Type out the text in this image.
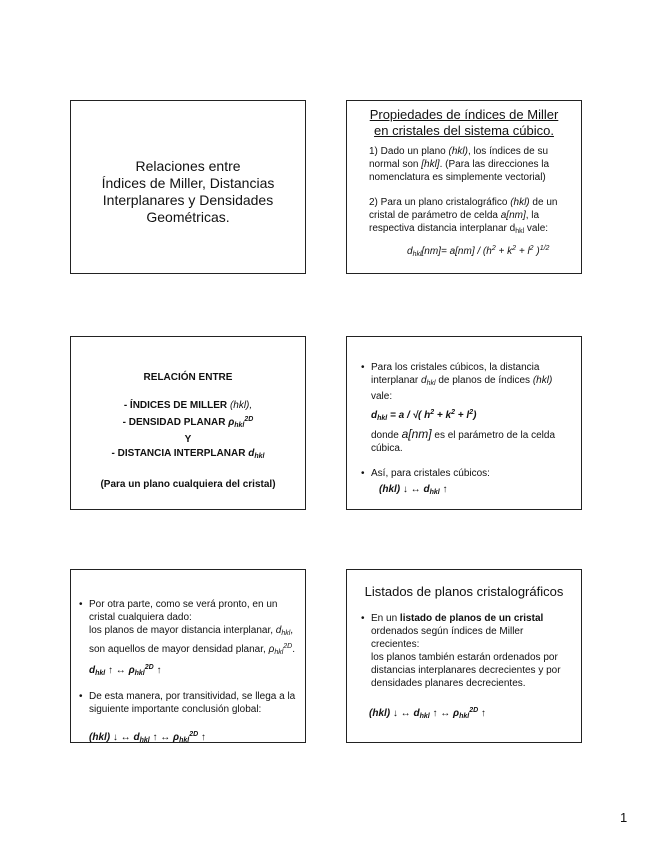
Relaciones entre
Índices de Miller, Distancias
Interplanares y Densidades
Geométricas.
Propiedades de índices de Miller
en cristales del sistema cúbico.

1) Dado un plano (hkl), los índices de su normal son [hkl]. (Para las direcciones la nomenclatura es simplemente vectorial)

2) Para un plano cristalográfico (hkl) de un cristal de parámetro de celda a[nm], la respectiva distancia interplanar $d_{hkl}$ vale:

$d_{hkl}[nm]= a[nm] / (h^2 + k^2 + l^2$ )$^{1/2}$
RELACIÓN ENTRE
- ÍNDICES DE MILLER (hkl),
- DENSIDAD PLANAR $\rho_{hkl}^{2D}$
Y
- DISTANCIA INTERPLANAR $d_{hkl}$
(Para un plano cualquiera del cristal)
• Para los cristales cúbicos, la distancia interplanar $d_{hkl}$ de planos de índices (hkl) vale:
$d_{hkl} = a$ / √( $h^2 + k^2 + l^2$)
donde a[nm] es el parámetro de la celda cúbica.
• Así, para cristales cúbicos:
(hkl) ↓ ↔ $d_{hkl}$ ↑
• Por otra parte, como se verá pronto, en un cristal cualquiera dado:
los planos de mayor distancia interplanar, $d_{hkl}$, son aquellos de mayor densidad planar, $\rho_{hkl}^{2D}$.
$d_{hkl}$ ↑ ↔ $\rho_{hkl}^{2D}$ ↑
• De esta manera, por transitividad, se llega a la siguiente importante conclusión global:
(hkl) ↓ ↔ $d_{hkl}$ ↑ ↔ $\rho_{hkl}^{2D}$ ↑
Listados de planos cristalográficos
• En un listado de planos de un cristal ordenados según índices de Miller crecientes:
los planos también estarán ordenados por distancias interplanares decrecientes y por densidades planares decrecientes.
(hkl) ↓ ↔ $d_{hkl}$ ↑ ↔ $\rho_{hkl}^{2D}$ ↑
1
